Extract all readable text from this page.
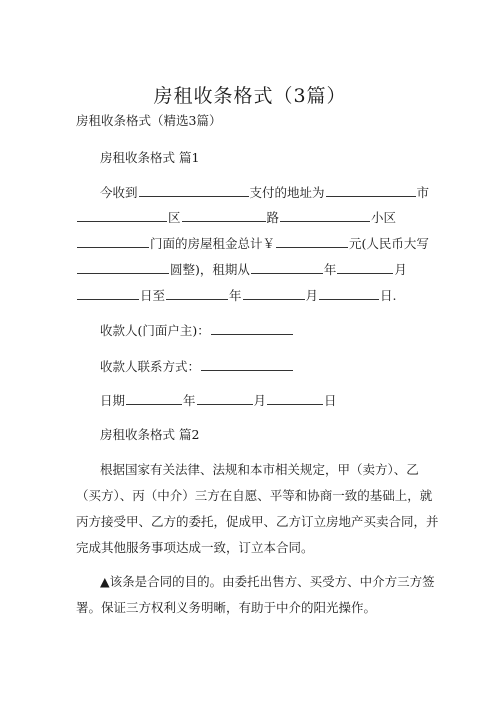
房租收条格式（3篇）
房租收条格式（精选3篇）
房租收条格式 篇1
今收到	支付的地址为	市
区	路	小区
门面的房屋租金总计￥	元(人民币大写
圆整)，租期从	年	月
日至	年	月	日.
收款人(门面户主)：
收款人联系方式：
日期	年	月	日
房租收条格式 篇2
根据国家有关法律、法规和本市相关规定，甲（卖方）、乙
（买方）、丙（中介）三方在自愿、平等和协商一致的基础上，就
丙方接受甲、乙方的委托，促成甲、乙方订立房地产买卖合同，并
完成其他服务事项达成一致，订立本合同。
▲该条是合同的目的。由委托出售方、买受方、中介方三方签
署。保证三方权利义务明晰，有助于中介的阳光操作。
